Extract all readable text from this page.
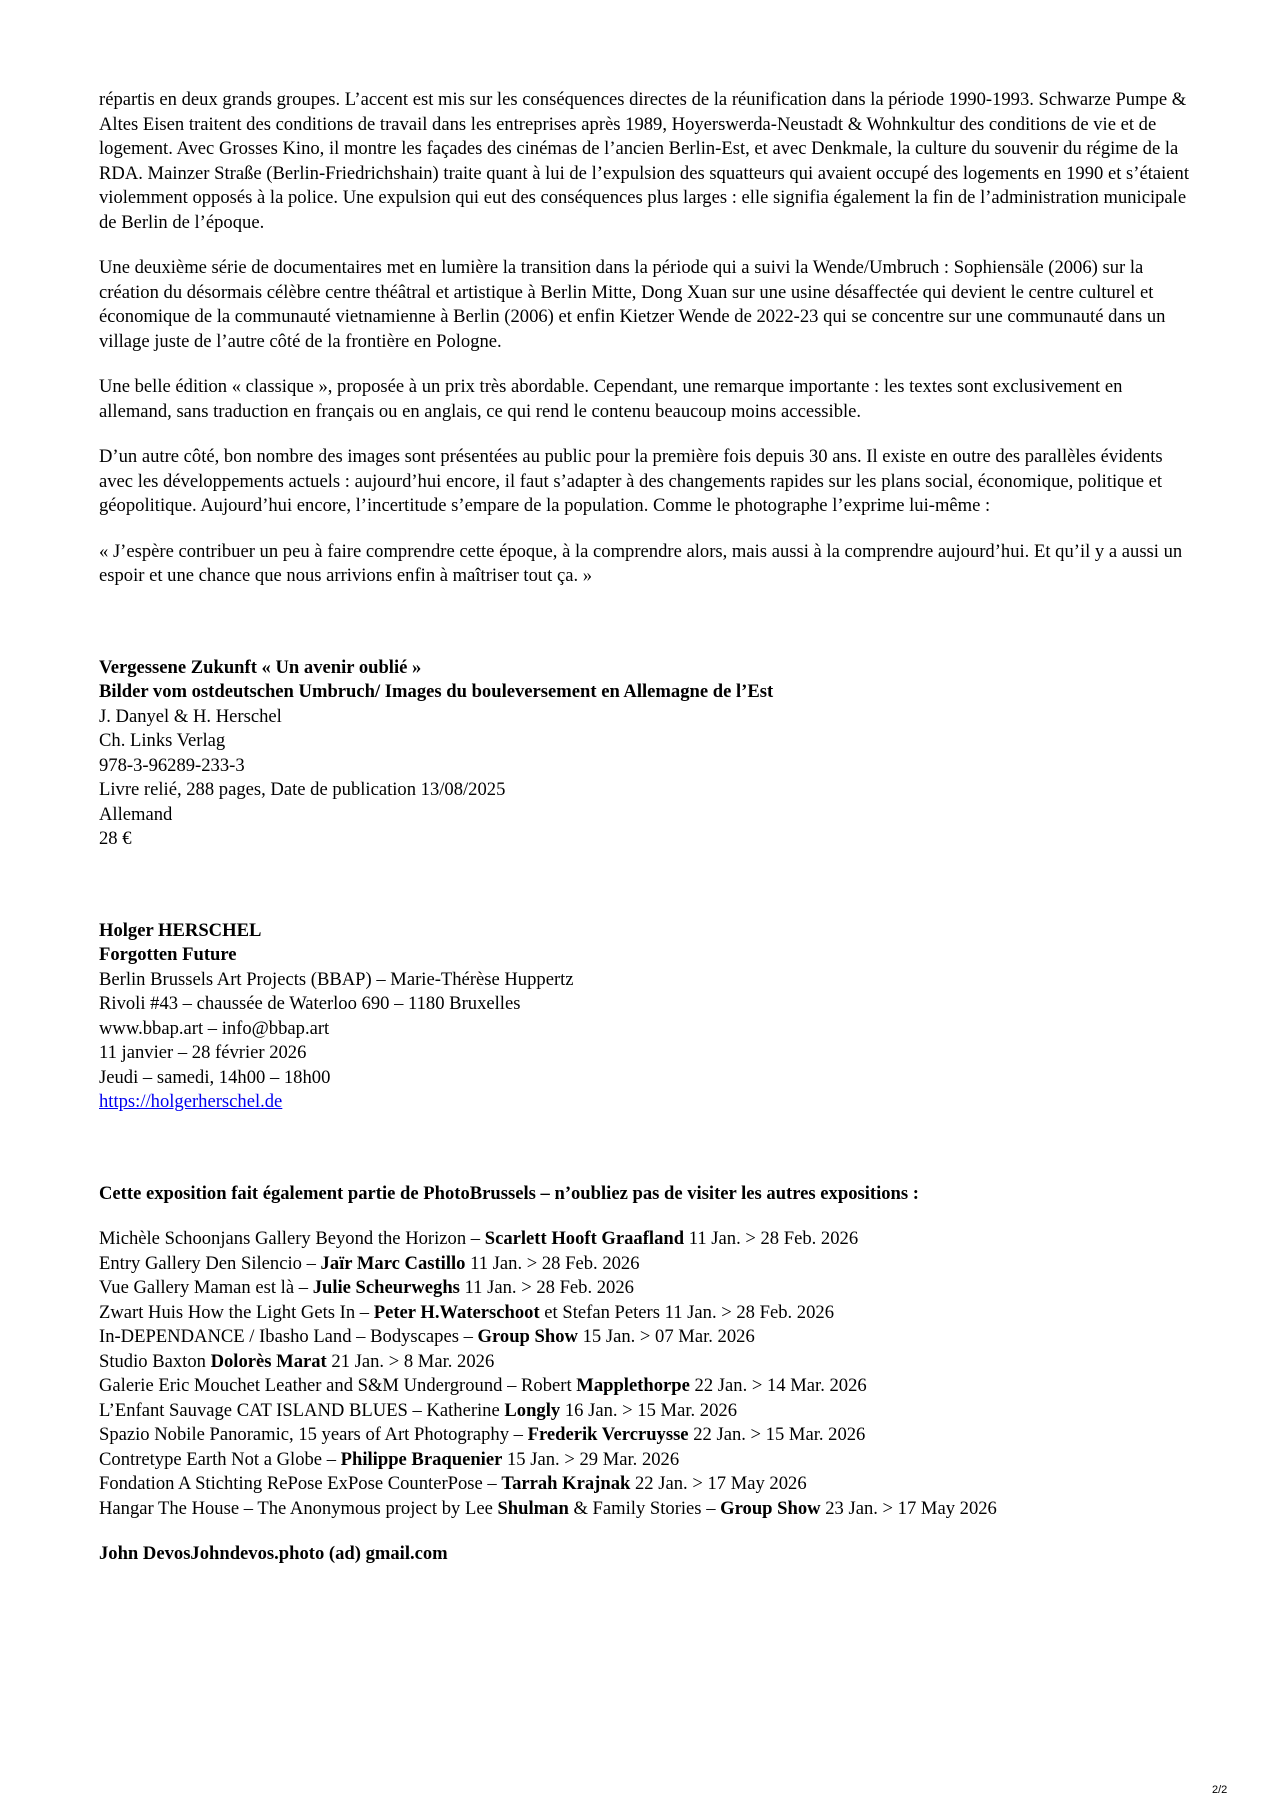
répartis en deux grands groupes. L’accent est mis sur les conséquences directes de la réunification dans la période 1990-1993. Schwarze Pumpe & Altes Eisen traitent des conditions de travail dans les entreprises après 1989, Hoyerswerda-Neustadt & Wohnkultur des conditions de vie et de logement. Avec Grosses Kino, il montre les façades des cinémas de l’ancien Berlin-Est, et avec Denkmale, la culture du souvenir du régime de la RDA. Mainzer Straße (Berlin-Friedrichshain) traite quant à lui de l’expulsion des squatteurs qui avaient occupé des logements en 1990 et s’étaient violemment opposés à la police. Une expulsion qui eut des conséquences plus larges : elle signifia également la fin de l’administration municipale de Berlin de l’époque.

Une deuxième série de documentaires met en lumière la transition dans la période qui a suivi la Wende/Umbruch : Sophiensäle (2006) sur la création du désormais célèbre centre théâtral et artistique à Berlin Mitte, Dong Xuan sur une usine désaffectée qui devient le centre culturel et économique de la communauté vietnamienne à Berlin (2006) et enfin Kietzer Wende de 2022-23 qui se concentre sur une communauté dans un village juste de l’autre côté de la frontière en Pologne.

Une belle édition « classique », proposée à un prix très abordable. Cependant, une remarque importante : les textes sont exclusivement en allemand, sans traduction en français ou en anglais, ce qui rend le contenu beaucoup moins accessible.

D’un autre côté, bon nombre des images sont présentées au public pour la première fois depuis 30 ans. Il existe en outre des parallèles évidents avec les développements actuels : aujourd’hui encore, il faut s’adapter à des changements rapides sur les plans social, économique, politique et géopolitique. Aujourd’hui encore, l’incertitude s’empare de la population. Comme le photographe l’exprime lui-même :

« J’espère contribuer un peu à faire comprendre cette époque, à la comprendre alors, mais aussi à la comprendre aujourd’hui. Et qu’il y a aussi un espoir et une chance que nous arrivions enfin à maîtriser tout ça. »

Vergessene Zukunft « Un avenir oublié »
Bilder vom ostdeutschen Umbruch/ Images du bouleversement en Allemagne de l’Est
J. Danyel & H. Herschel
Ch. Links Verlag
978-3-96289-233-3
Livre relié, 288 pages, Date de publication 13/08/2025
Allemand
28 €
Holger HERSCHEL
Forgotten Future
Berlin Brussels Art Projects (BBAP) – Marie-Thérèse Huppertz
Rivoli #43 – chaussée de Waterloo 690 – 1180 Bruxelles
www.bbap.art – info@bbap.art
11 janvier – 28 février 2026
Jeudi – samedi, 14h00 – 18h00
https://holgerherschel.de
Cette exposition fait également partie de PhotoBrussels – n’oubliez pas de visiter les autres expositions :
Michèle Schoonjans Gallery Beyond the Horizon – Scarlett Hooft Graafland 11 Jan. > 28 Feb. 2026
Entry Gallery Den Silencio – Jaïr Marc Castillo 11 Jan. > 28 Feb. 2026
Vue Gallery Maman est là – Julie Scheurweghs 11 Jan. > 28 Feb. 2026
Zwart Huis How the Light Gets In – Peter H.Waterschoot et Stefan Peters 11 Jan. > 28 Feb. 2026
In-DEPENDANCE / Ibasho Land – Bodyscapes – Group Show 15 Jan. > 07 Mar. 2026
Studio Baxton Dolorès Marat 21 Jan. > 8 Mar. 2026
Galerie Eric Mouchet Leather and S&M Underground – Robert Mapplethorpe 22 Jan. > 14 Mar. 2026
L’Enfant Sauvage CAT ISLAND BLUES – Katherine Longly 16 Jan. > 15 Mar. 2026
Spazio Nobile Panoramic, 15 years of Art Photography – Frederik Vercruysse 22 Jan. > 15 Mar. 2026
Contretype Earth Not a Globe – Philippe Braquenier 15 Jan. > 29 Mar. 2026
Fondation A Stichting RePose ExPose CounterPose – Tarrah Krajnak 22 Jan. > 17 May 2026
Hangar The House – The Anonymous project by Lee Shulman & Family Stories – Group Show 23 Jan. > 17 May 2026
John DevosJohndevos.photo (ad) gmail.com
2/2
